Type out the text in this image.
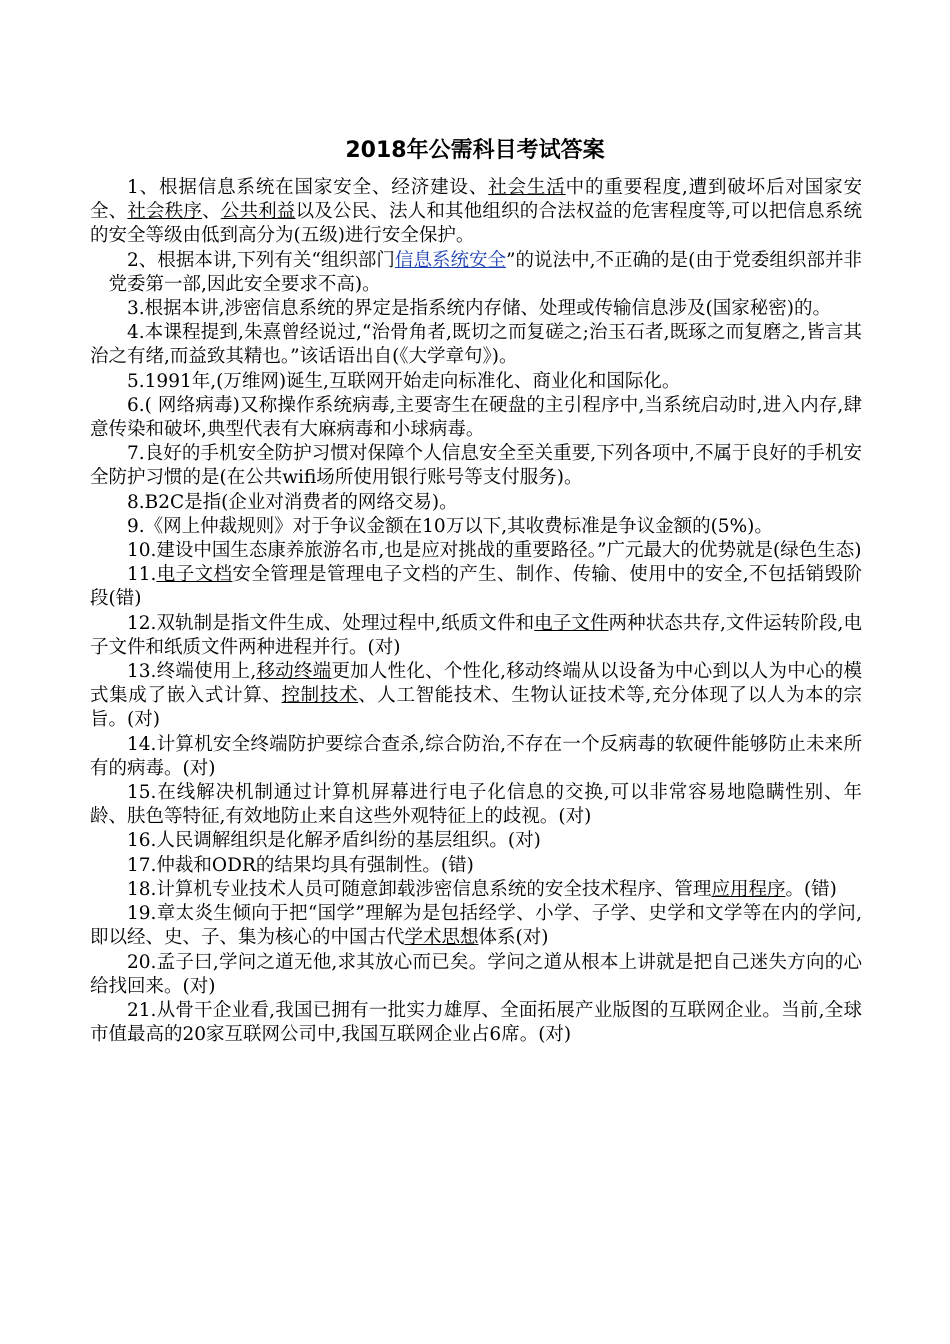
2018年公需科目考试答案

1、根据信息系统在国家安全、经济建设、社会生活中的重要程度,遭到破坏后对国家安全、社会秩序、公共利益以及公民、法人和其他组织的合法权益的危害程度等,可以把信息系统的安全等级由低到高分为(五级)进行安全保护。

2、根据本讲,下列有关“组织部门信息系统安全”的说法中,不正确的是(由于党委组织部并非党委第一部,因此安全要求不高)。

3.根据本讲,涉密信息系统的界定是指系统内存储、处理或传输信息涉及(国家秘密)的。

4.本课程提到,朱熹曾经说过,“治骨角者,既切之而复磋之;治玉石者,既琢之而复磨之,皆言其治之有绪,而益致其精也。”该话语出自(《大学章句》)。

5.1991年,(万维网)诞生,互联网开始走向标准化、商业化和国际化。

6.( 网络病毒)又称操作系统病毒,主要寄生在硬盘的主引程序中,当系统启动时,进入内存,肆意传染和破坏,典型代表有大麻病毒和小球病毒。

7.良好的手机安全防护习惯对保障个人信息安全至关重要,下列各项中,不属于良好的手机安全防护习惯的是(在公共wifi场所使用银行账号等支付服务)。

8.B2C是指(企业对消费者的网络交易)。

9.《网上仲裁规则》对于争议金额在10万以下,其收费标准是争议金额的(5%)。

10.建设中国生态康养旅游名市,也是应对挑战的重要路径。”广元最大的优势就是(绿色生态)

11.电子文档安全管理是管理电子文档的产生、制作、传输、使用中的安全,不包括销毁阶段(错)

12.双轨制是指文件生成、处理过程中,纸质文件和电子文件两种状态共存,文件运转阶段,电子文件和纸质文件两种进程并行。(对)

13.终端使用上,移动终端更加人性化、个性化,移动终端从以设备为中心到以人为中心的模式集成了嵌入式计算、控制技术、人工智能技术、生物认证技术等,充分体现了以人为本的宗旨。(对)

14.计算机安全终端防护要综合查杀,综合防治,不存在一个反病毒的软硬件能够防止未来所有的病毒。(对)

15.在线解决机制通过计算机屏幕进行电子化信息的交换,可以非常容易地隐瞒性别、年龄、肤色等特征,有效地防止来自这些外观特征上的歧视。(对)

16.人民调解组织是化解矛盾纠纷的基层组织。(对)

17.仲裁和ODR的结果均具有强制性。(错)

18.计算机专业技术人员可随意卸载涉密信息系统的安全技术程序、管理应用程序。(错)

19.章太炎生倾向于把“国学”理解为是包括经学、小学、子学、史学和文学等在内的学问,即以经、史、子、集为核心的中国古代学术思想体系(对)

20.孟子曰,学问之道无他,求其放心而已矣。学问之道从根本上讲就是把自己迷失方向的心给找回来。(对)

21.从骨干企业看,我国已拥有一批实力雄厚、全面拓展产业版图的互联网企业。当前,全球市值最高的20家互联网公司中,我国互联网企业占6席。(对)
